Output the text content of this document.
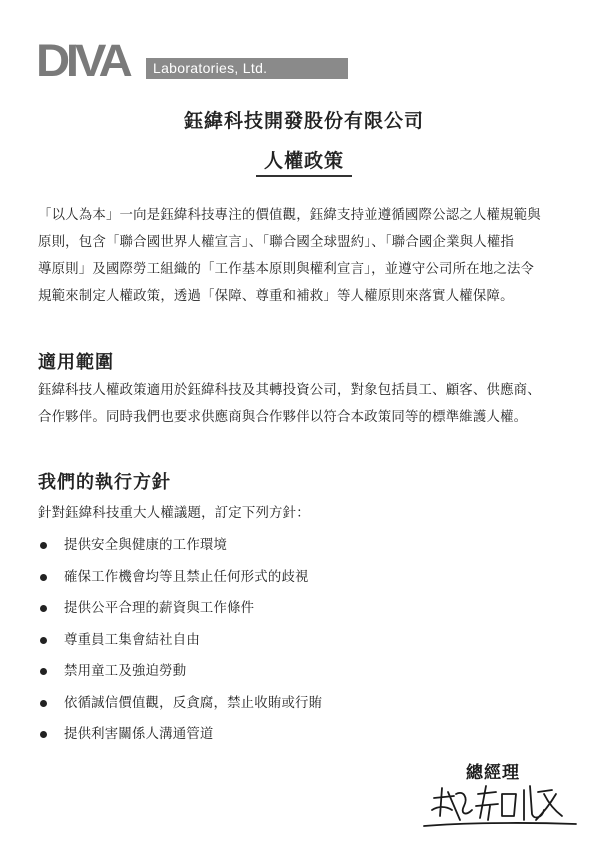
DIVA	Laboratories, Ltd.
鈺緯科技開發股份有限公司
人權政策

「以人為本」一向是鈺緯科技專注的價值觀，鈺緯支持並遵循國際公認之人權規範與
原則，包含「聯合國世界人權宣言」、「聯合國全球盟約」、「聯合國企業與人權指
導原則」及國際勞工組織的「工作基本原則與權利宣言」，並遵守公司所在地之法令
規範來制定人權政策，透過「保障、尊重和補救」等人權原則來落實人權保障。

適用範圍

鈺緯科技人權政策適用於鈺緯科技及其轉投資公司，對象包括員工、顧客、供應商、
合作夥伴。同時我們也要求供應商與合作夥伴以符合本政策同等的標準維護人權。

我們的執行方針

針對鈺緯科技重大人權議題，訂定下列方針：

提供安全與健康的工作環境
確保工作機會均等且禁止任何形式的歧視
提供公平合理的薪資與工作條件
尊重員工集會結社自由
禁用童工及強迫勞動
依循誠信價值觀，反貪腐，禁止收賄或行賄
提供利害關係人溝通管道
總經理
